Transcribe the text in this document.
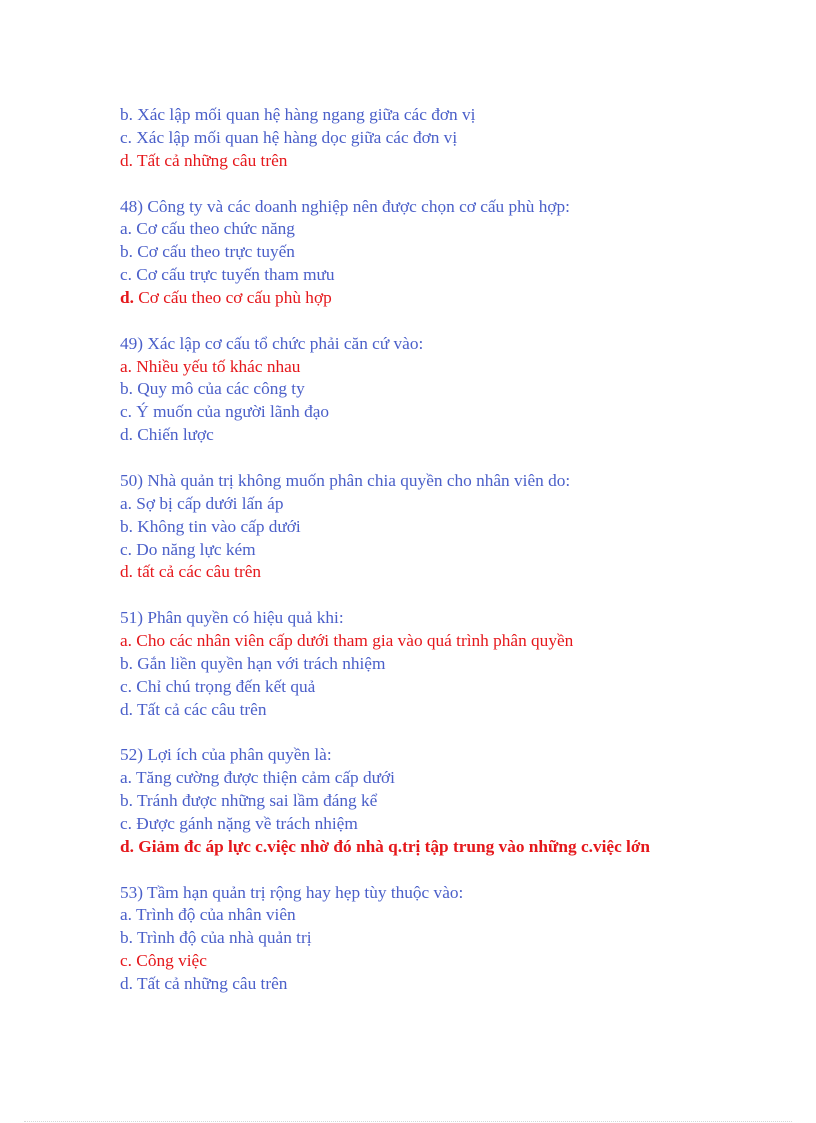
b. Xác lập mối quan hệ hàng ngang giữa các đơn vị
c. Xác lập mối quan hệ hàng dọc giữa các đơn vị
d. Tất cả những câu trên
48) Công ty và các doanh nghiệp nên được chọn cơ cấu phù hợp:
a. Cơ cấu theo chức năng
b. Cơ cấu theo trực tuyến
c. Cơ cấu trực tuyến tham mưu
d. Cơ cấu theo cơ cấu phù hợp
49) Xác lập cơ cấu tổ chức phải căn cứ vào:
a. Nhiều yếu tố khác nhau
b. Quy mô của các công ty
c. Ý muốn của người lãnh đạo
d. Chiến lược
50) Nhà quản trị không muốn phân chia quyền cho nhân viên do:
a. Sợ bị cấp dưới lấn áp
b. Không tin vào cấp dưới
c. Do năng lực kém
d. tất cả các câu trên
51) Phân quyền có hiệu quả khi:
a. Cho các nhân viên cấp dưới tham gia vào quá trình phân quyền
b. Gắn liền quyền hạn với trách nhiệm
c. Chỉ chú trọng đến kết quả
d. Tất cả các câu trên
52) Lợi ích của phân quyền là:
a. Tăng cường được thiện cảm cấp dưới
b. Tránh được những sai lầm đáng kể
c. Được gánh nặng về trách nhiệm
d. Giảm đc áp lực c.việc nhờ đó nhà q.trị tập trung vào những c.việc lớn
53) Tầm hạn quản trị rộng hay hẹp tùy thuộc vào:
a. Trình độ của nhân viên
b. Trình độ của nhà quản trị
c. Công việc
d. Tất cả những câu trên
